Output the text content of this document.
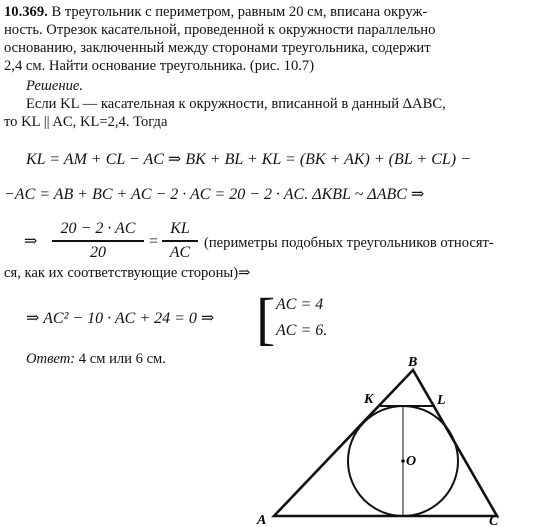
10.369. В треугольник с периметром, равным 20 см, вписана окруж-
ность. Отрезок касательной, проведенной к окружности параллельно
основанию, заключенный между сторонами треугольника, содержит
2,4 см. Найти основание треугольника. (рис. 10.7)
Решение.
Если KL — касательная к окружности, вписанной в данный ΔABC,
то KL || AC, KL=2,4. Тогда
KL = AM + CL − AC ⇒ BK + BL + KL = (BK + AK) + (BL + CL) −
−AC = AB + BC + AC − 2 · AC = 20 − 2 · AC. ΔKBL ~ ΔABC ⇒
⇒
20 − 2 · AC
20
=
KL
AC
(периметры подобных треугольников относят-
ся, как их соответствующие стороны)⇒
⇒ AC² − 10 · AC + 24 = 0 ⇒ [ AC = 4
AC = 6.
Ответ: 4 см или 6 см.
A
B
C
K	L
O
